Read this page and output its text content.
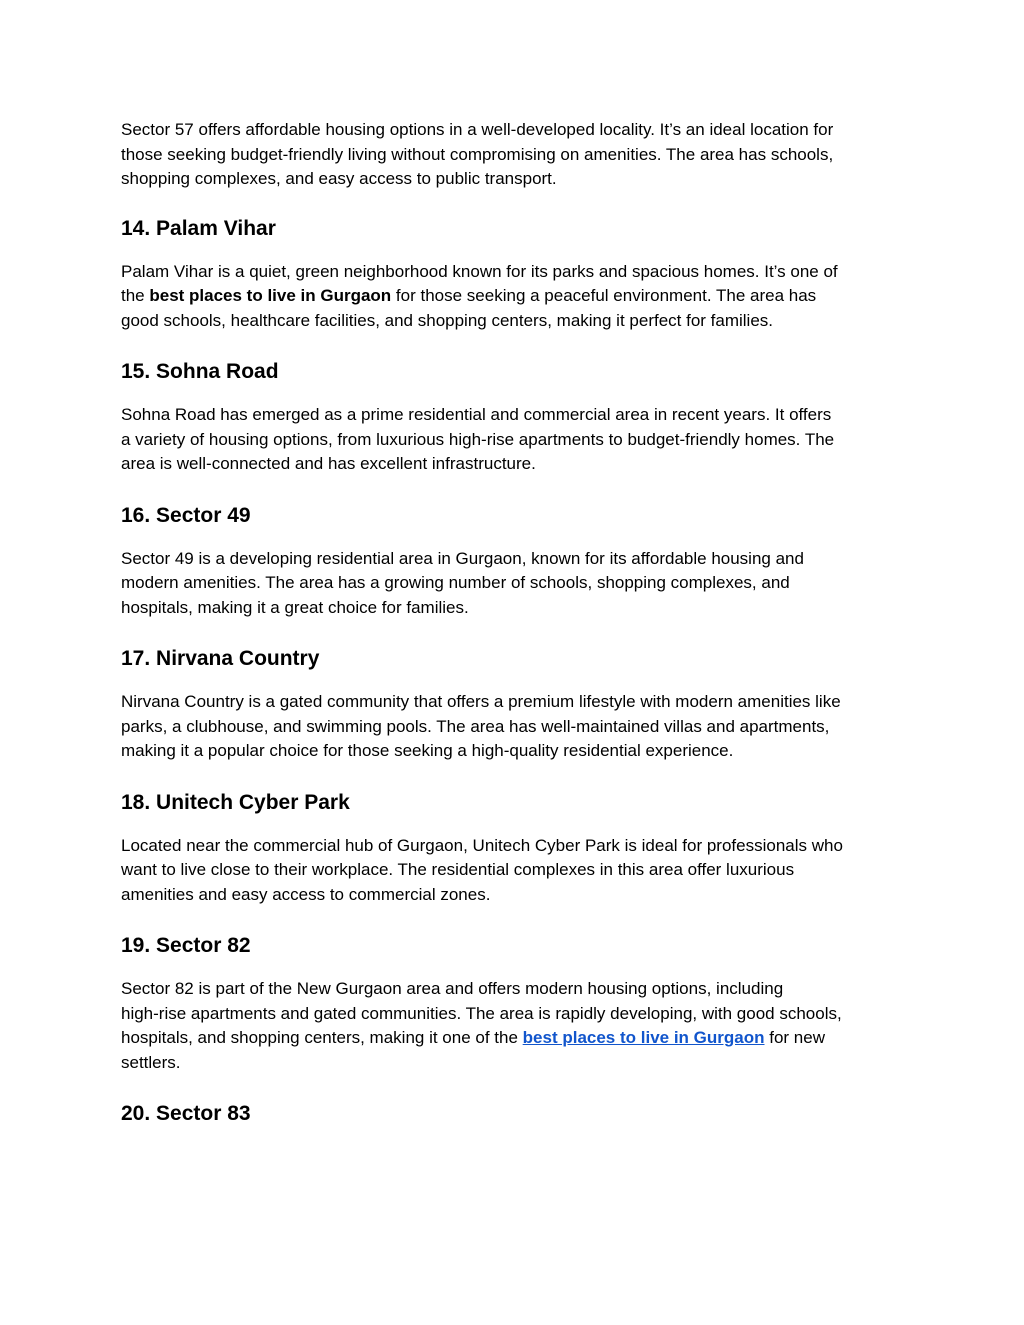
Sector 57 offers affordable housing options in a well-developed locality. It’s an ideal location for
those seeking budget-friendly living without compromising on amenities. The area has schools,
shopping complexes, and easy access to public transport.

14. Palam Vihar

Palam Vihar is a quiet, green neighborhood known for its parks and spacious homes. It’s one of
the best places to live in Gurgaon for those seeking a peaceful environment. The area has
good schools, healthcare facilities, and shopping centers, making it perfect for families.

15. Sohna Road

Sohna Road has emerged as a prime residential and commercial area in recent years. It offers
a variety of housing options, from luxurious high-rise apartments to budget-friendly homes. The
area is well-connected and has excellent infrastructure.

16. Sector 49

Sector 49 is a developing residential area in Gurgaon, known for its affordable housing and
modern amenities. The area has a growing number of schools, shopping complexes, and
hospitals, making it a great choice for families.

17. Nirvana Country

Nirvana Country is a gated community that offers a premium lifestyle with modern amenities like
parks, a clubhouse, and swimming pools. The area has well-maintained villas and apartments,
making it a popular choice for those seeking a high-quality residential experience.

18. Unitech Cyber Park

Located near the commercial hub of Gurgaon, Unitech Cyber Park is ideal for professionals who
want to live close to their workplace. The residential complexes in this area offer luxurious
amenities and easy access to commercial zones.

19. Sector 82

Sector 82 is part of the New Gurgaon area and offers modern housing options, including
high-rise apartments and gated communities. The area is rapidly developing, with good schools,
hospitals, and shopping centers, making it one of the best places to live in Gurgaon for new
settlers.

20. Sector 83
